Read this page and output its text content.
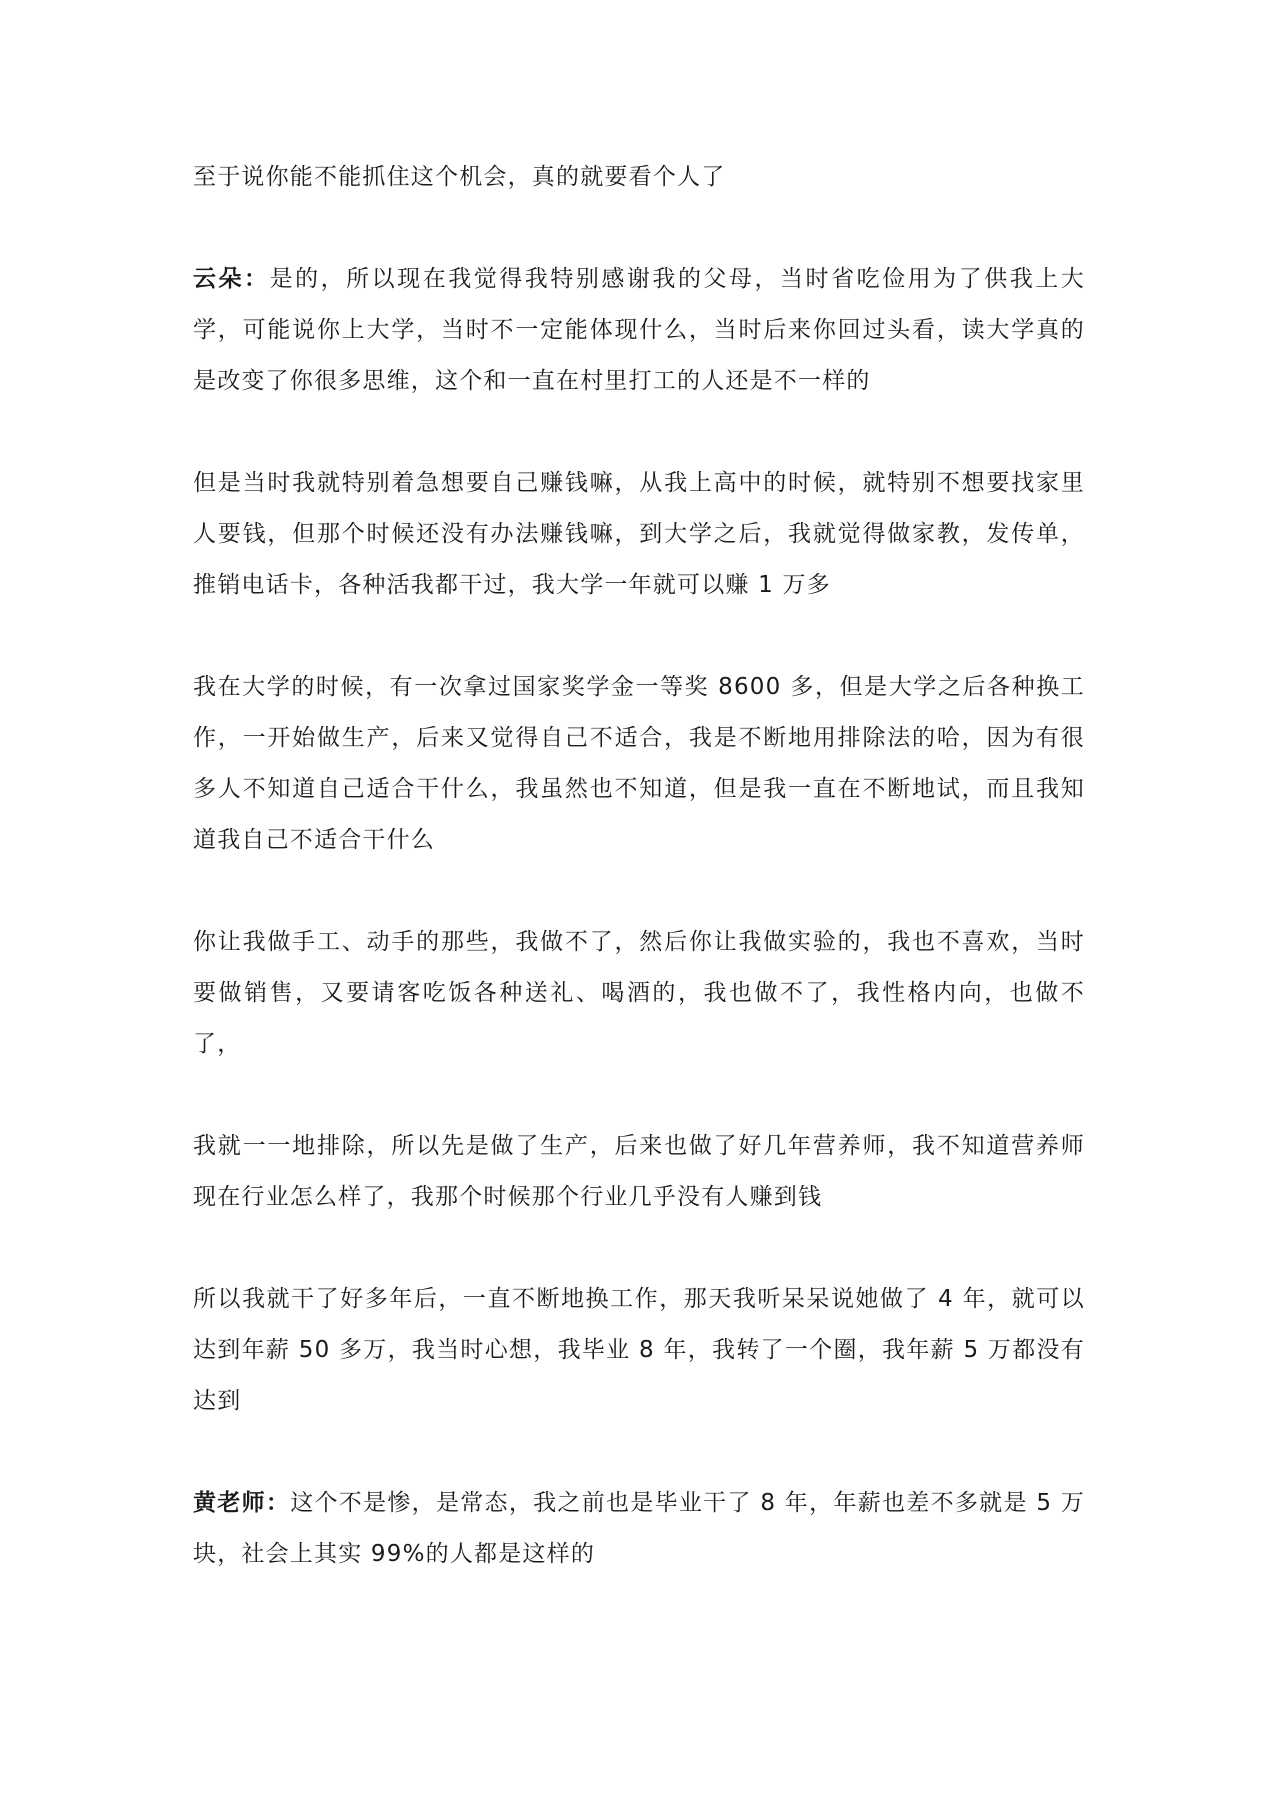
至于说你能不能抓住这个机会，真的就要看个人了

云朵：是的，所以现在我觉得我特别感谢我的父母，当时省吃俭用为了供我上大学，可能说你上大学，当时不一定能体现什么，当时后来你回过头看，读大学真的是改变了你很多思维，这个和一直在村里打工的人还是不一样的

但是当时我就特别着急想要自己赚钱嘛，从我上高中的时候，就特别不想要找家里人要钱，但那个时候还没有办法赚钱嘛，到大学之后，我就觉得做家教，发传单，推销电话卡，各种活我都干过，我大学一年就可以赚 1 万多

我在大学的时候，有一次拿过国家奖学金一等奖 8600 多，但是大学之后各种换工作，一开始做生产，后来又觉得自己不适合，我是不断地用排除法的哈，因为有很多人不知道自己适合干什么，我虽然也不知道，但是我一直在不断地试，而且我知道我自己不适合干什么

你让我做手工、动手的那些，我做不了，然后你让我做实验的，我也不喜欢，当时要做销售，又要请客吃饭各种送礼、喝酒的，我也做不了，我性格内向，也做不了，

我就一一地排除，所以先是做了生产，后来也做了好几年营养师，我不知道营养师现在行业怎么样了，我那个时候那个行业几乎没有人赚到钱

所以我就干了好多年后，一直不断地换工作，那天我听呆呆说她做了 4 年，就可以达到年薪 50 多万，我当时心想，我毕业 8 年，我转了一个圈，我年薪 5 万都没有达到

黄老师：这个不是惨，是常态，我之前也是毕业干了 8 年，年薪也差不多就是 5 万块，社会上其实 99%的人都是这样的
